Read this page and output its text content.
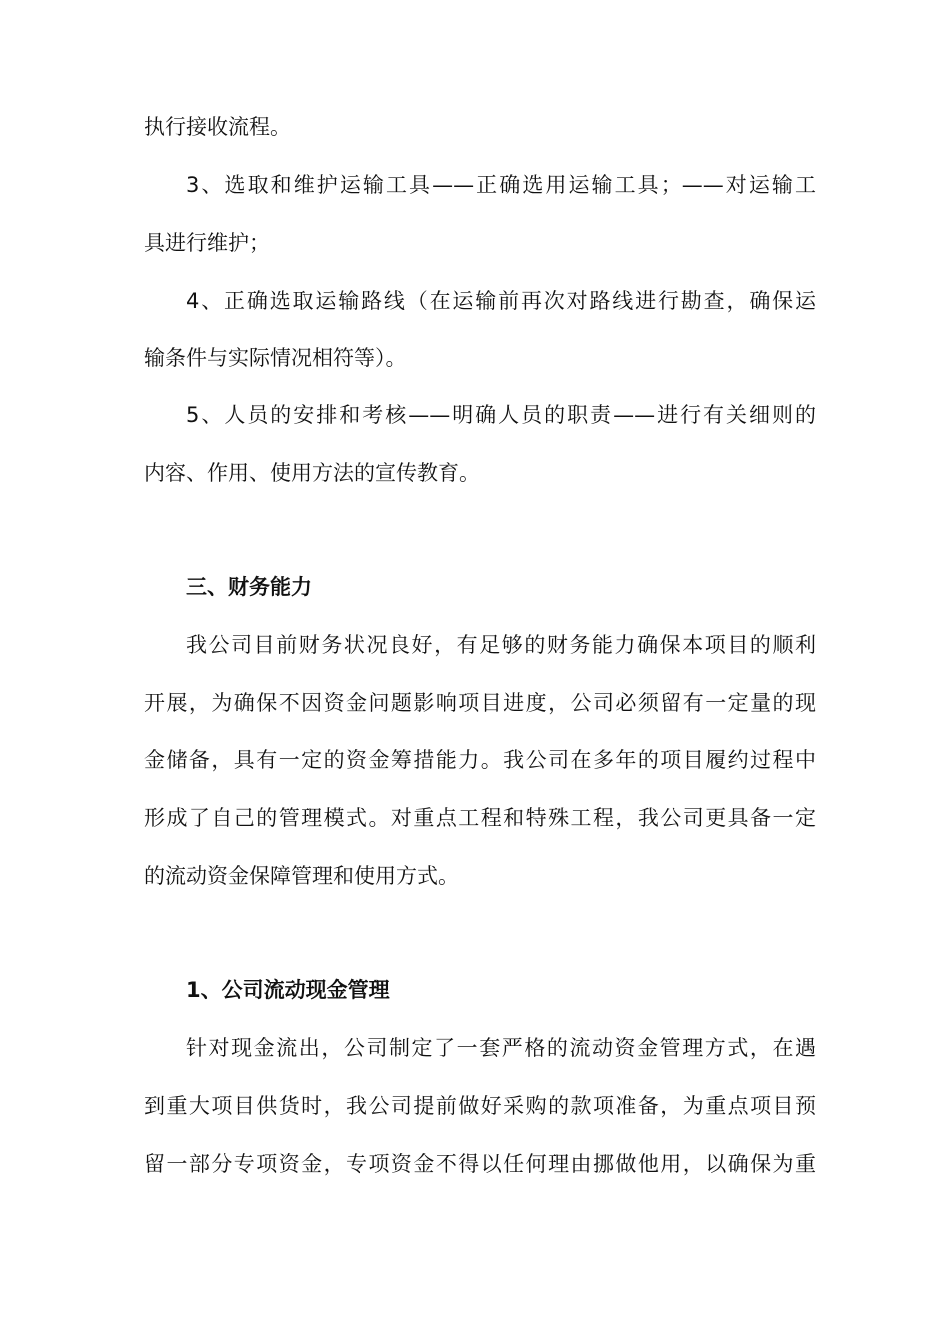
执行接收流程。
3、选取和维护运输工具——正确选用运输工具；——对运输工
具进行维护；
4、正确选取运输路线（在运输前再次对路线进行勘查，确保运
输条件与实际情况相符等）。
5、人员的安排和考核——明确人员的职责——进行有关细则的
内容、作用、使用方法的宣传教育。
三、财务能力
我公司目前财务状况良好，有足够的财务能力确保本项目的顺利
开展，为确保不因资金问题影响项目进度，公司必须留有一定量的现
金储备，具有一定的资金筹措能力。我公司在多年的项目履约过程中
形成了自己的管理模式。对重点工程和特殊工程，我公司更具备一定
的流动资金保障管理和使用方式。
1、公司流动现金管理
针对现金流出，公司制定了一套严格的流动资金管理方式，在遇
到重大项目供货时，我公司提前做好采购的款项准备，为重点项目预
留一部分专项资金，专项资金不得以任何理由挪做他用，以确保为重
